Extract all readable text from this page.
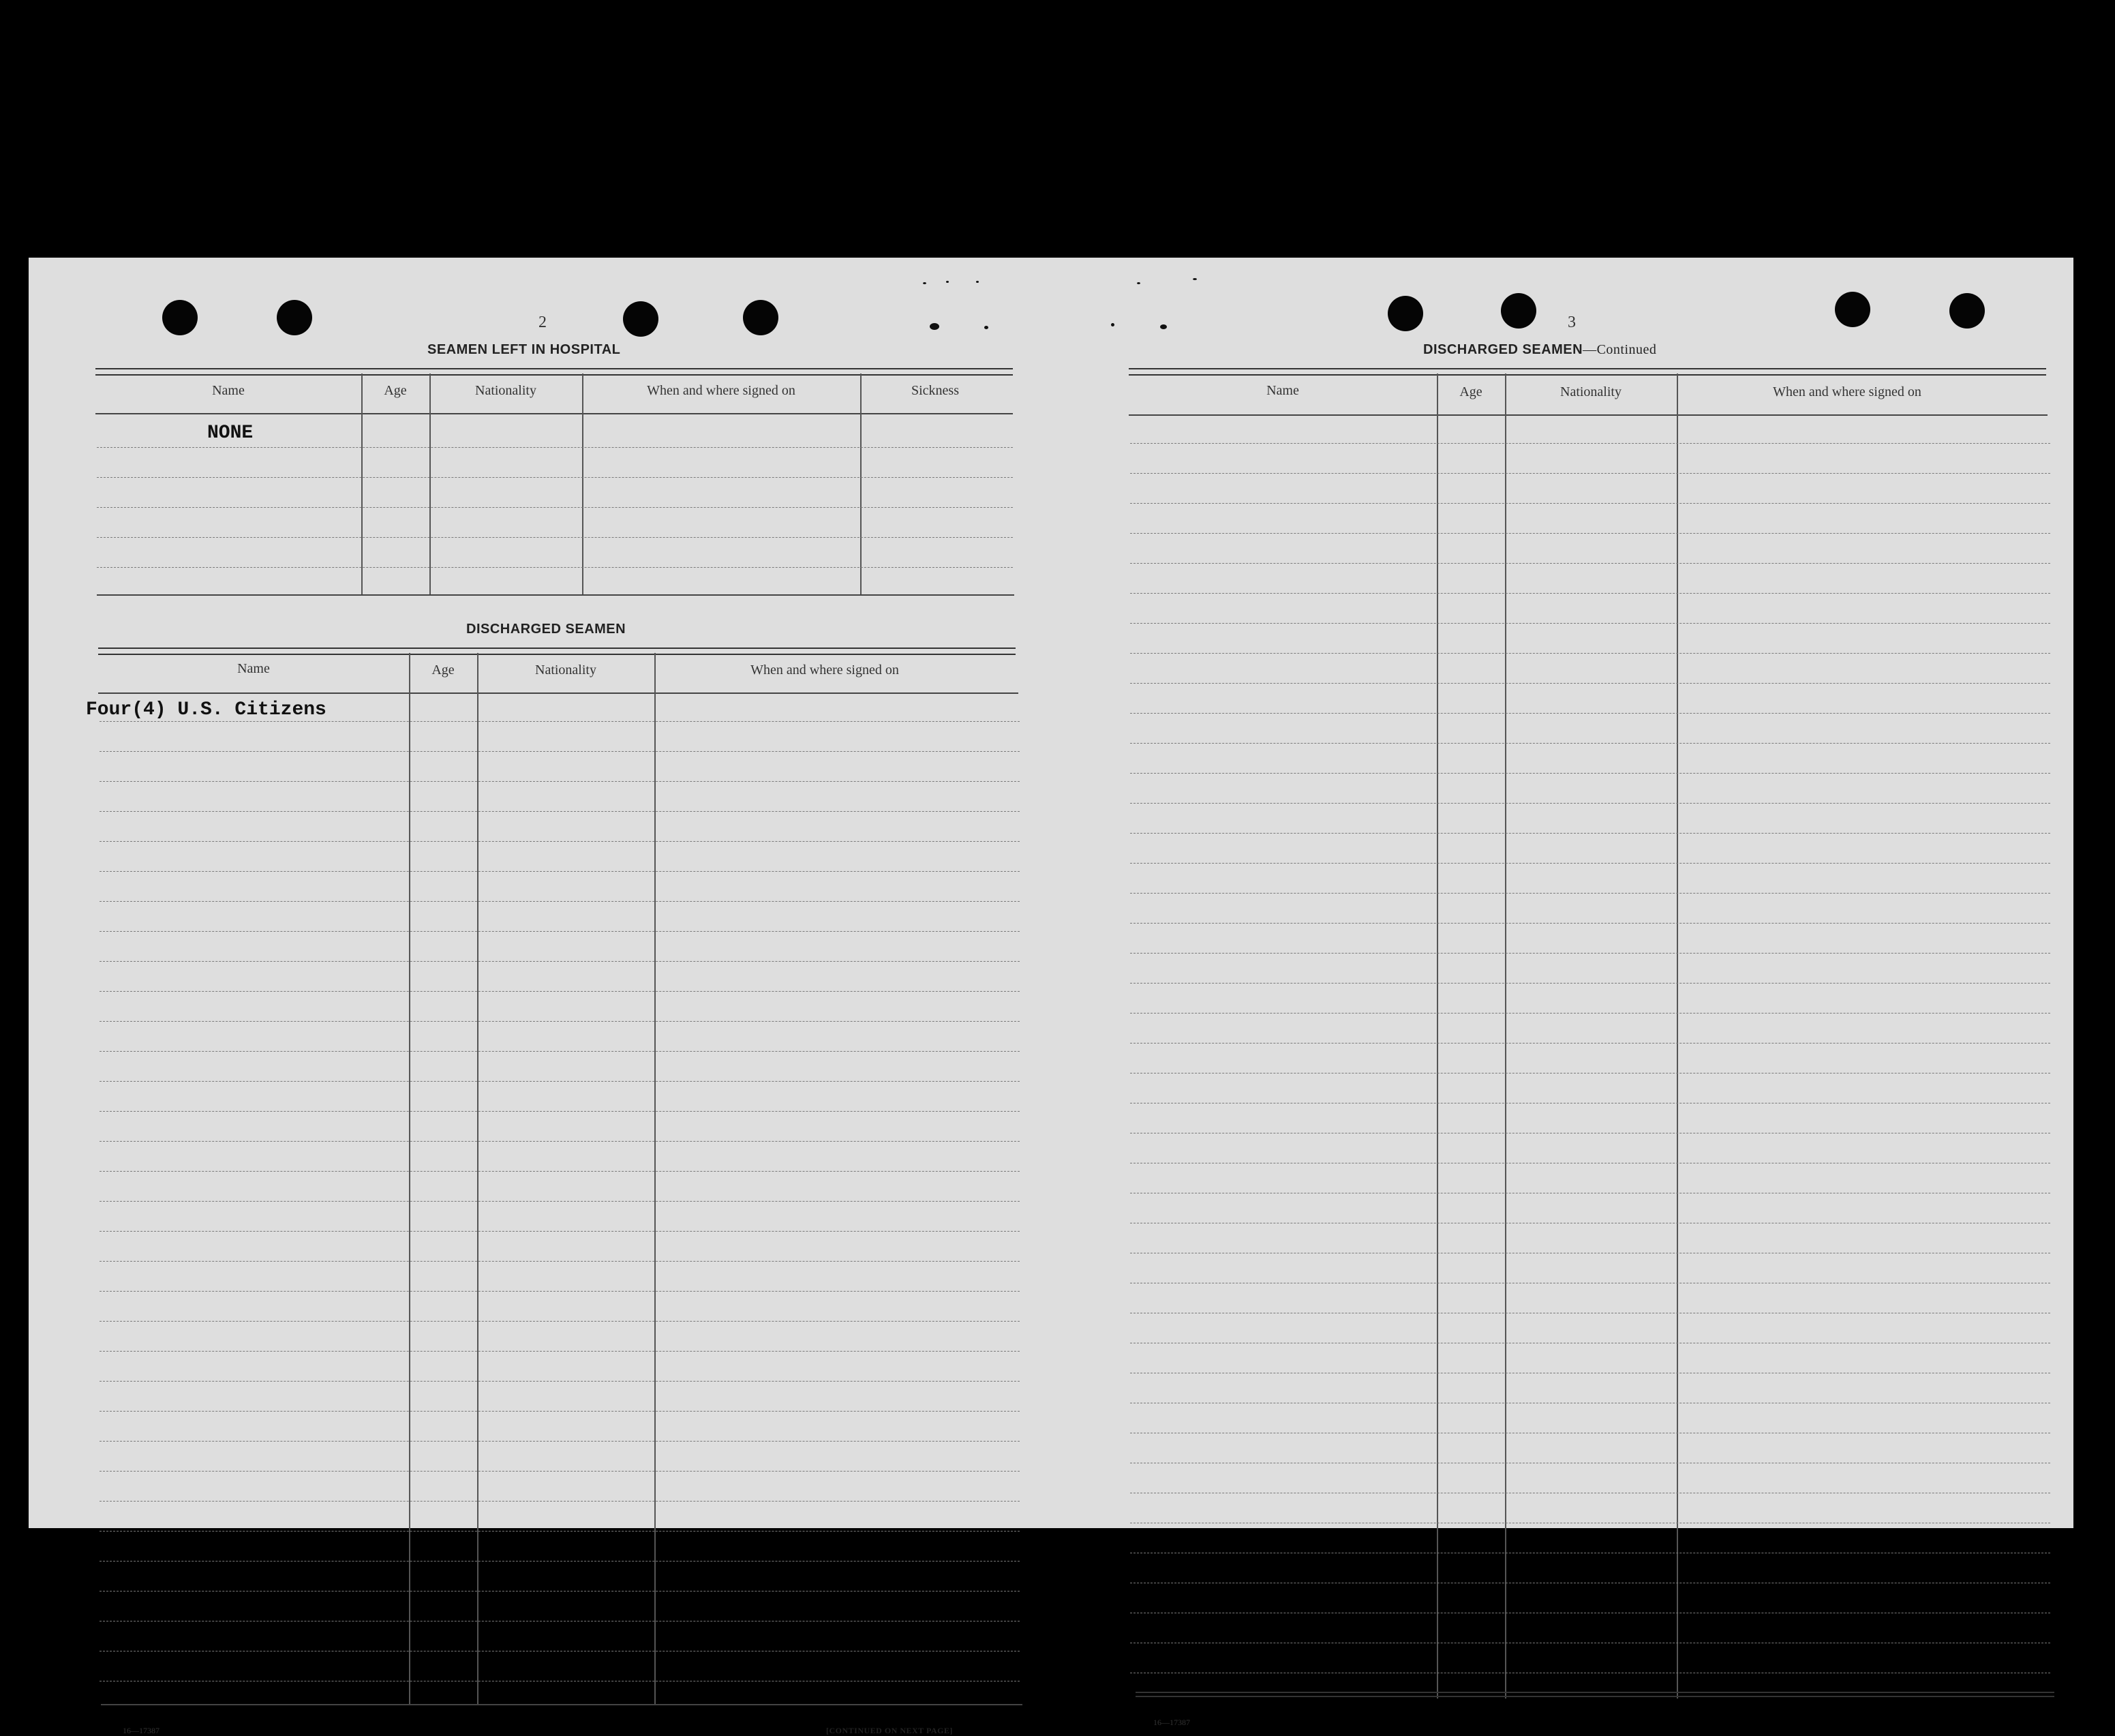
2
SEAMEN LEFT IN HOSPITAL
Name	Age	Nationality	When and where signed on	Sickness
NONE
DISCHARGED SEAMEN
Name	Age	Nationality	When and where signed on
Four(4) U.S. Citizens
16—17387	[CONTINUED ON NEXT PAGE]
3
DISCHARGED SEAMEN—Continued
Name	Age	Nationality	When and where signed on
16—17387
